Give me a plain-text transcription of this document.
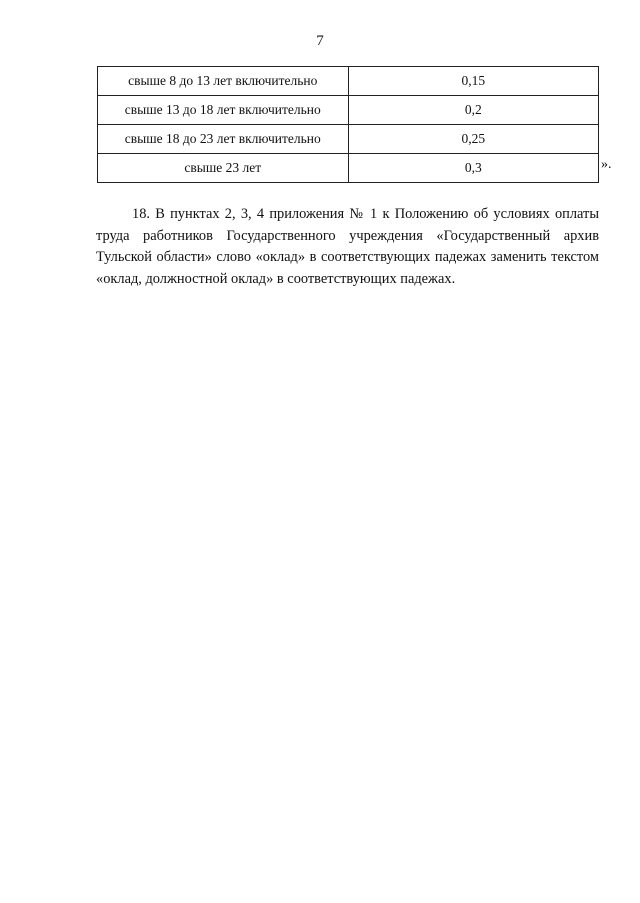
7
свыше 8 до 13 лет включительно	0,15
свыше 13 до 18 лет включительно	0,2
свыше 18 до 23 лет включительно	0,25
свыше 23 лет	0,3	».

18. В пунктах 2, 3, 4 приложения № 1 к Положению об условиях оплаты труда работников Государственного учреждения «Государственный архив Тульской области» слово «оклад» в соответствующих падежах заменить текстом «оклад, должностной оклад» в соответствующих падежах.
